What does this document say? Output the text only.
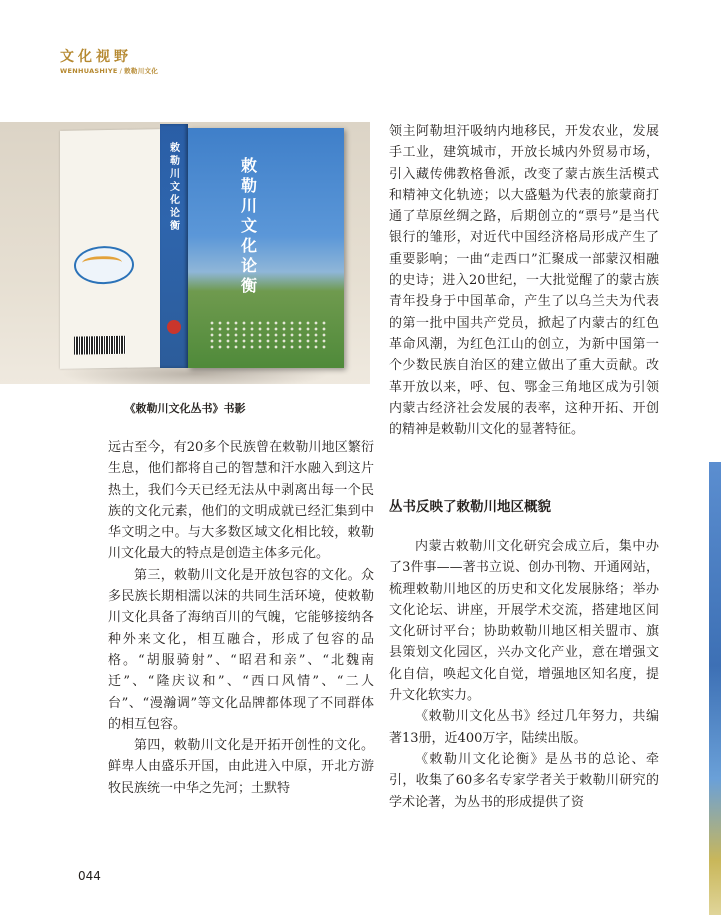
文化视野
WENHUASHIYE / 敕勒川文化
敕勒川文化论衡
敕勒川文化论衡
《敕勒川文化丛书》书影

远古至今，有20多个民族曾在敕勒川地区繁衍生息，他们都将自己的智慧和汗水融入到这片热土，我们今天已经无法从中剥离出每一个民族的文化元素，他们的文明成就已经汇集到中华文明之中。与大多数区域文化相比较，敕勒川文化最大的特点是创造主体多元化。

第三，敕勒川文化是开放包容的文化。众多民族长期相濡以沫的共同生活环境，使敕勒川文化具备了海纳百川的气魄，它能够接纳各种外来文化，相互融合，形成了包容的品格。“胡服骑射”、“昭君和亲”、“北魏南迁”、“隆庆议和”、“西口风情”、“二人台”、“漫瀚调”等文化品牌都体现了不同群体的相互包容。

第四，敕勒川文化是开拓开创性的文化。鲜卑人由盛乐开国，由此进入中原，开北方游牧民族统一中华之先河；土默特

领主阿勒坦汗吸纳内地移民，开发农业，发展手工业，建筑城市，开放长城内外贸易市场，引入藏传佛教格鲁派，改变了蒙古族生活模式和精神文化轨迹；以大盛魁为代表的旅蒙商打通了草原丝绸之路，后期创立的“票号”是当代银行的雏形，对近代中国经济格局形成产生了重要影响；一曲“走西口”汇聚成一部蒙汉相融的史诗；进入20世纪，一大批觉醒了的蒙古族青年投身于中国革命，产生了以乌兰夫为代表的第一批中国共产党员，掀起了内蒙古的红色革命风潮，为红色江山的创立，为新中国第一个少数民族自治区的建立做出了重大贡献。改革开放以来，呼、包、鄂金三角地区成为引领内蒙古经济社会发展的表率，这种开拓、开创的精神是敕勒川文化的显著特征。

丛书反映了敕勒川地区概貌

内蒙古敕勒川文化研究会成立后，集中办了3件事——著书立说、创办刊物、开通网站，梳理敕勒川地区的历史和文化发展脉络；举办文化论坛、讲座，开展学术交流，搭建地区间文化研讨平台；协助敕勒川地区相关盟市、旗县策划文化园区，兴办文化产业，意在增强文化自信，唤起文化自觉，增强地区知名度，提升文化软实力。

《敕勒川文化丛书》经过几年努力，共编著13册，近400万字，陆续出版。

《敕勒川文化论衡》是丛书的总论、牵引，收集了60多名专家学者关于敕勒川研究的学术论著，为丛书的形成提供了资

044
